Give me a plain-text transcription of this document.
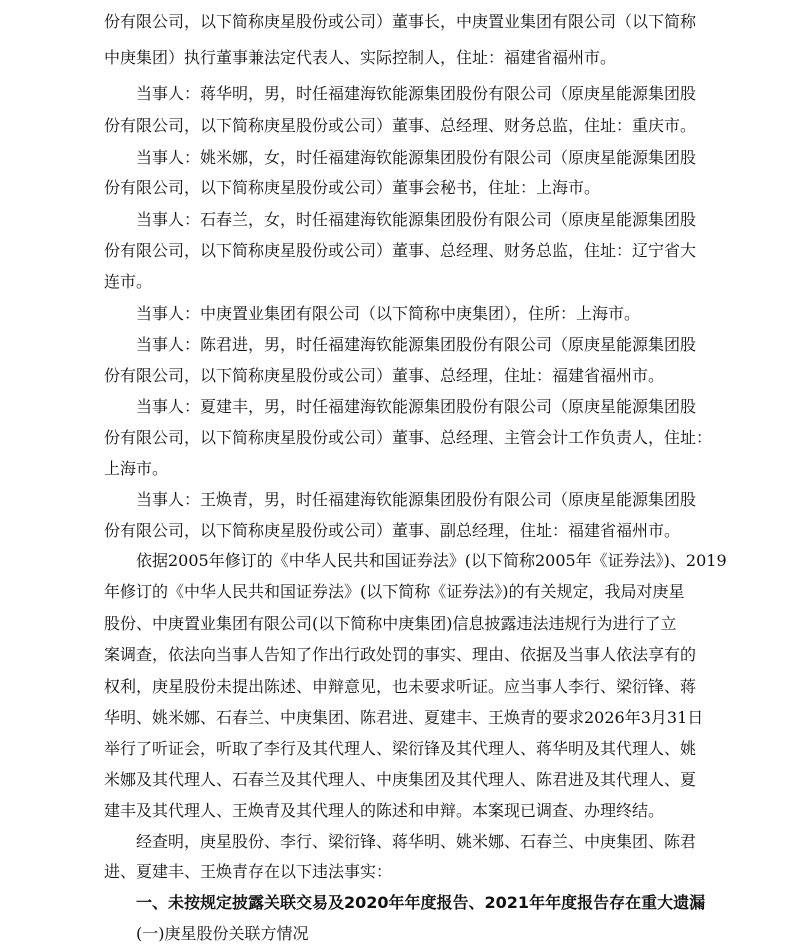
份有限公司，以下简称庚星股份或公司）董事长，中庚置业集团有限公司（以下简称
中庚集团）执行董事兼法定代表人、实际控制人，住址：福建省福州市。
当事人：蒋华明，男，时任福建海钦能源集团股份有限公司（原庚星能源集团股
份有限公司，以下简称庚星股份或公司）董事、总经理、财务总监，住址：重庆市。
当事人：姚米娜，女，时任福建海钦能源集团股份有限公司（原庚星能源集团股
份有限公司，以下简称庚星股份或公司）董事会秘书，住址：上海市。
当事人：石春兰，女，时任福建海钦能源集团股份有限公司（原庚星能源集团股
份有限公司，以下简称庚星股份或公司）董事、总经理、财务总监，住址：辽宁省大
连市。
当事人：中庚置业集团有限公司（以下简称中庚集团），住所：上海市。
当事人：陈君进，男，时任福建海钦能源集团股份有限公司（原庚星能源集团股
份有限公司，以下简称庚星股份或公司）董事、总经理，住址：福建省福州市。
当事人：夏建丰，男，时任福建海钦能源集团股份有限公司（原庚星能源集团股
份有限公司，以下简称庚星股份或公司）董事、总经理、主管会计工作负责人，住址：
上海市。
当事人：王焕青，男，时任福建海钦能源集团股份有限公司（原庚星能源集团股
份有限公司，以下简称庚星股份或公司）董事、副总经理，住址：福建省福州市。
依据2005年修订的《中华人民共和国证券法》(以下简称2005年《证券法》)、2019
年修订的《中华人民共和国证券法》(以下简称《证券法》)的有关规定，我局对庚星
股份、中庚置业集团有限公司(以下简称中庚集团)信息披露违法违规行为进行了立
案调查，依法向当事人告知了作出行政处罚的事实、理由、依据及当事人依法享有的
权利，庚星股份未提出陈述、申辩意见，也未要求听证。应当事人李行、梁衍锋、蒋
华明、姚米娜、石春兰、中庚集团、陈君进、夏建丰、王焕青的要求2026年3月31日
举行了听证会，听取了李行及其代理人、梁衍锋及其代理人、蒋华明及其代理人、姚
米娜及其代理人、石春兰及其代理人、中庚集团及其代理人、陈君进及其代理人、夏
建丰及其代理人、王焕青及其代理人的陈述和申辩。本案现已调查、办理终结。
经查明，庚星股份、李行、梁衍锋、蒋华明、姚米娜、石春兰、中庚集团、陈君
进、夏建丰、王焕青存在以下违法事实：
一、未按规定披露关联交易及2020年年度报告、2021年年度报告存在重大遗漏
(一)庚星股份关联方情况
